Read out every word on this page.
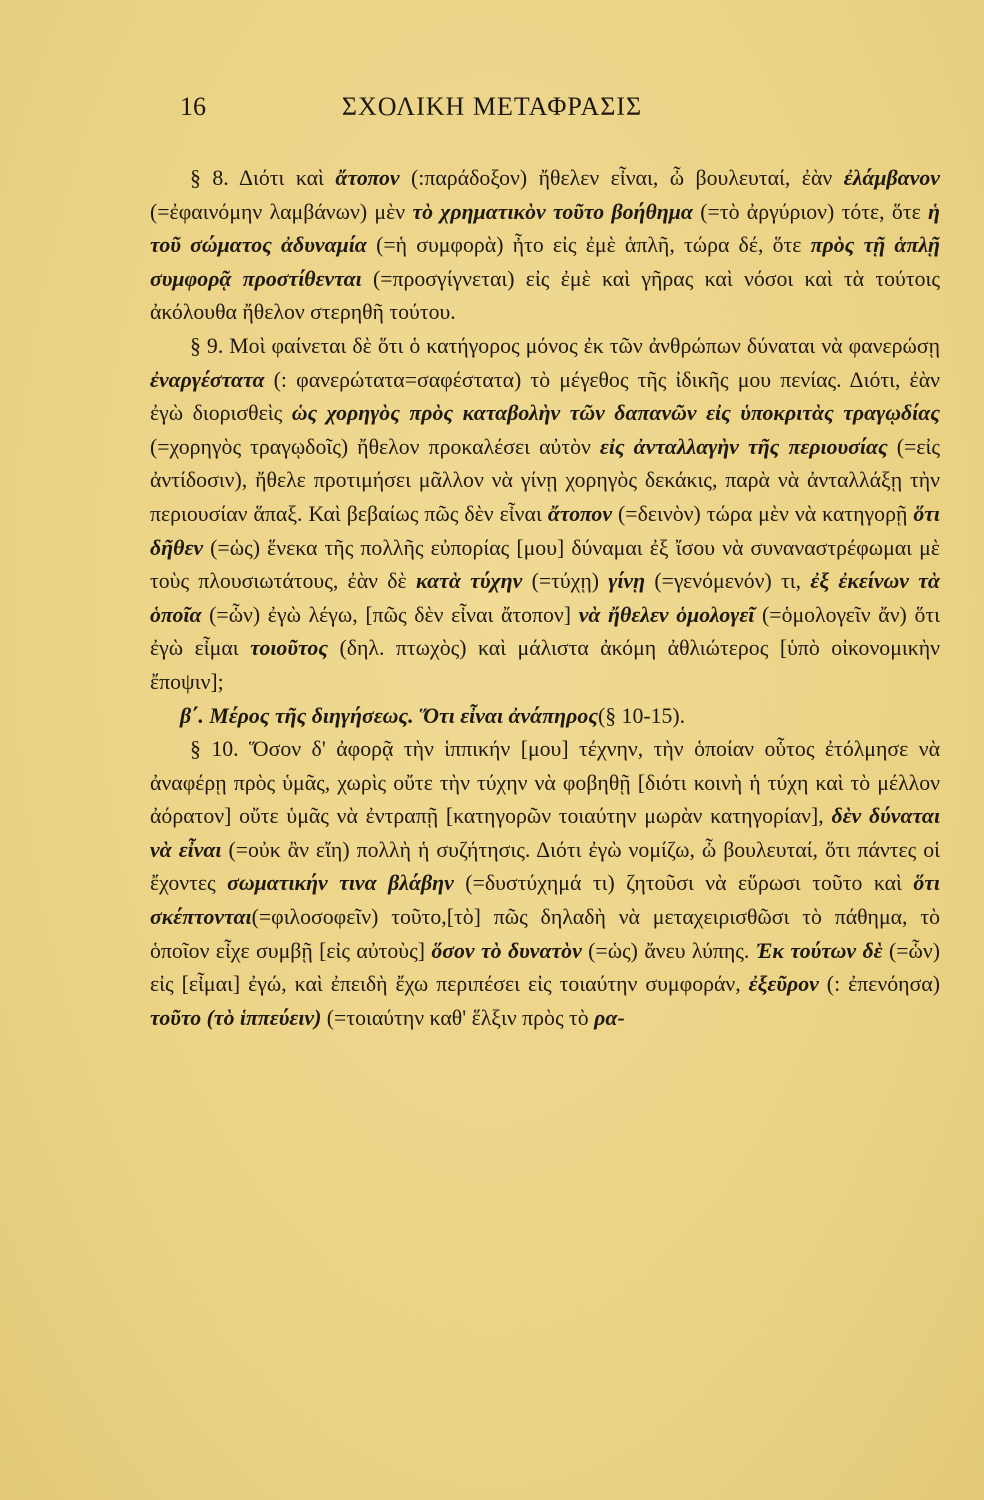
16	ΣΧΟΛΙΚΗ ΜΕΤΑΦΡΑΣΙΣ

§ 8. Διότι καὶ ἄτοπον (:παράδοξον) ἤθελεν εἶναι, ὦ βουλευταί, ἐὰν ἐλάμβανον (=ἐφαινόμην λαμβάνων) μὲν τὸ χρηματικὸν τοῦτο βοήθημα (=τὸ ἀργύριον) τότε, ὅτε ἡ τοῦ σώματος ἀδυναμία (=ἡ συμφορὰ) ἦτο εἰς ἐμὲ ἁπλῆ, τώρα δέ, ὅτε πρὸς τῇ ἁπλῇ συμφορᾷ προστίθενται (=προσγίγνεται) εἰς ἐμὲ καὶ γῆρας καὶ νόσοι καὶ τὰ τούτοις ἀκόλουθα ἤθελον στερηθῆ τούτου.

§ 9. Μοὶ φαίνεται δὲ ὅτι ὁ κατήγορος μόνος ἐκ τῶν ἀνθρώπων δύναται νὰ φανερώσῃ ἐναργέστατα (: φανερώτατα=σαφέστατα) τὸ μέγεθος τῆς ἰδικῆς μου πενίας. Διότι, ἐὰν ἐγὼ διορισθεὶς ὡς χορηγὸς πρὸς καταβολὴν τῶν δαπανῶν εἰς ὑποκριτὰς τραγῳδίας (=χορηγὸς τραγῳδοῖς) ἤθελον προκαλέσει αὐτὸν εἰς ἀνταλλαγὴν τῆς περιουσίας (=εἰς ἀντίδοσιν), ἤθελε προτιμήσει μᾶλλον νὰ γίνῃ χορηγὸς δεκάκις, παρὰ νὰ ἀνταλλάξῃ τὴν περιουσίαν ἅπαξ. Καὶ βεβαίως πῶς δὲν εἶναι ἄτοπον (=δεινὸν) τώρα μὲν νὰ κατηγορῇ ὅτι δῆθεν (=ὡς) ἕνεκα τῆς πολλῆς εὐπορίας [μου] δύναμαι ἐξ ἴσου νὰ συναναστρέφωμαι μὲ τοὺς πλουσιωτάτους, ἐὰν δὲ κατὰ τύχην (=τύχῃ) γίνῃ (=γενόμενόν) τι, ἐξ ἐκείνων τὰ ὁποῖα (=ὧν) ἐγὼ λέγω, [πῶς δὲν εἶναι ἄτοπον] νὰ ἤθελεν ὁμολογεῖ (=ὁμολογεῖν ἄν) ὅτι ἐγὼ εἶμαι τοιοῦτος (δηλ. πτωχὸς) καὶ μάλιστα ἀκόμη ἀθλιώτερος [ὑπὸ οἰκονομικὴν ἔποψιν];

β΄. Μέρος τῆς διηγήσεως. Ὅτι εἶναι ἀνάπηρος(§ 10-15).

§ 10. Ὅσον δ' ἀφορᾷ τὴν ἱππικήν [μου] τέχνην, τὴν ὁποίαν οὗτος ἐτόλμησε νὰ ἀναφέρῃ πρὸς ὑμᾶς, χωρὶς οὔτε τὴν τύχην νὰ φοβηθῇ [διότι κοινὴ ἡ τύχη καὶ τὸ μέλλον ἀόρατον] οὔτε ὑμᾶς νὰ ἐντραπῇ [κατηγορῶν τοιαύτην μωρὰν κατηγορίαν], δὲν δύναται νὰ εἶναι (=οὐκ ἂν εἴη) πολλὴ ἡ συζήτησις. Διότι ἐγὼ νομίζω, ὦ βουλευταί, ὅτι πάντες οἱ ἔχοντες σωματικήν τινα βλάβην (=δυστύχημά τι) ζητοῦσι νὰ εὕρωσι τοῦτο καὶ ὅτι σκέπτονται(=φιλοσοφεῖν) τοῦτο,[τὸ] πῶς δηλαδὴ νὰ μεταχειρισθῶσι τὸ πάθημα, τὸ ὁποῖον εἶχε συμβῇ [εἰς αὐτοὺς] ὅσον τὸ δυνατὸν (=ὡς) ἄνευ λύπης. Ἐκ τούτων δὲ (=ὧν) εἰς [εἶμαι] ἐγώ, καὶ ἐπειδὴ ἔχω περιπέσει εἰς τοιαύτην συμφοράν, ἐξεῦρον (: ἐπενόησα) τοῦτο (τὸ ἱππεύειν) (=τοιαύτην καθ' ἕλξιν πρὸς τὸ ρα-
